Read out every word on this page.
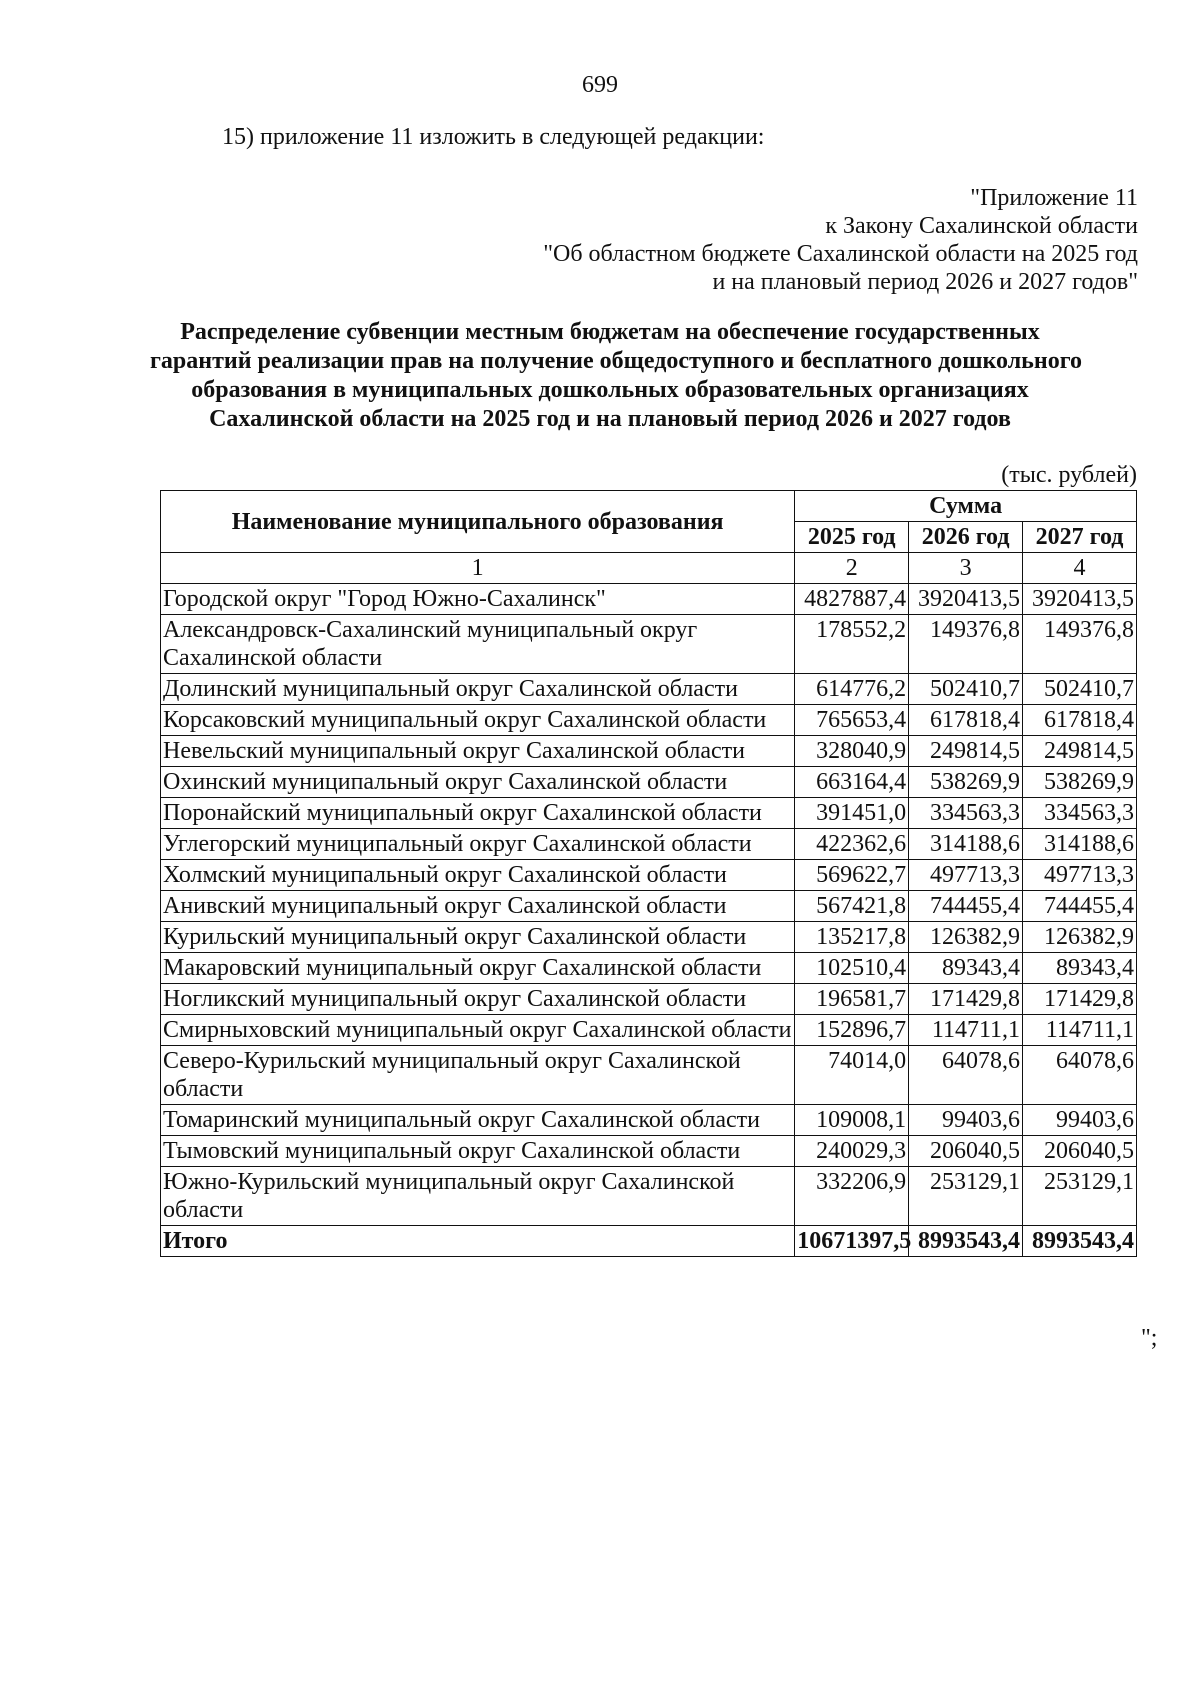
699
15) приложение 11 изложить в следующей редакции:
"Приложение 11
к Закону Сахалинской области
"Об областном бюджете Сахалинской области на 2025 год
и на плановый период 2026 и 2027 годов"
Распределение субвенции местным бюджетам на обеспечение государственных
гарантий реализации прав на получение общедоступного и бесплатного дошкольного
образования в муниципальных дошкольных образовательных организациях
Сахалинской области на 2025 год и на плановый период 2026 и 2027 годов
(тыс. рублей)
Наименование муниципального образования	Сумма		
	2025 год	2026 год	2027 год
1	2	3	4
Городской округ "Город Южно-Сахалинск"	4827887,4	3920413,5	3920413,5
Александровск-Сахалинский муниципальный округ Сахалинской области	178552,2	149376,8	149376,8
Долинский муниципальный округ Сахалинской области	614776,2	502410,7	502410,7
Корсаковский муниципальный округ Сахалинской области	765653,4	617818,4	617818,4
Невельский муниципальный округ Сахалинской области	328040,9	249814,5	249814,5
Охинский муниципальный округ Сахалинской области	663164,4	538269,9	538269,9
Поронайский муниципальный округ Сахалинской области	391451,0	334563,3	334563,3
Углегорский муниципальный округ Сахалинской области	422362,6	314188,6	314188,6
Холмский муниципальный округ Сахалинской области	569622,7	497713,3	497713,3
Анивский муниципальный округ Сахалинской области	567421,8	744455,4	744455,4
Курильский муниципальный округ Сахалинской области	135217,8	126382,9	126382,9
Макаровский муниципальный округ Сахалинской области	102510,4	89343,4	89343,4
Ногликский муниципальный округ Сахалинской области	196581,7	171429,8	171429,8
Смирныховский муниципальный округ Сахалинской области	152896,7	114711,1	114711,1
Северо-Курильский муниципальный округ Сахалинской области	74014,0	64078,6	64078,6
Томаринский муниципальный округ Сахалинской области	109008,1	99403,6	99403,6
Тымовский муниципальный округ Сахалинской области	240029,3	206040,5	206040,5
Южно-Курильский муниципальный округ Сахалинской области	332206,9	253129,1	253129,1
Итого	10671397,5	8993543,4	8993543,4
";
